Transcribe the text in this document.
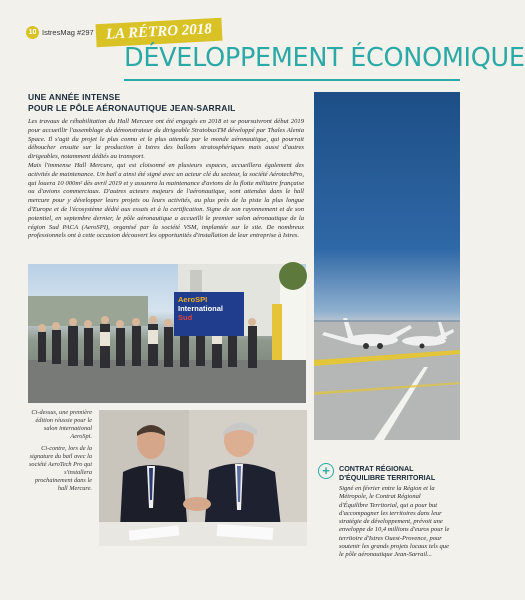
10 IstresMag #297 LA RÉTRO 2018
DÉVELOPPEMENT ÉCONOMIQUE
UNE ANNÉE INTENSE
POUR LE PÔLE AÉRONAUTIQUE JEAN-SARRAIL

Les travaux de réhabilitation du Hall Mercure ont été engagés en 2018 et se poursuivront début 2019 pour accueillir l'assemblage du démonstrateur du dirigeable StratobusTM développé par Thales Alenia Space. Il s'agit du projet le plus connu et le plus attendu par le monde aéronautique, qui pourrait déboucher ensuite sur la production à Istres des ballons stratosphériques mais aussi d'autres dirigeables, notamment dédiés au transport.

Mais l'immense Hall Mercure, qui est cloisonné en plusieurs espaces, accueillera également des activités de maintenance. Un bail a ainsi été signé avec un acteur clé du secteur, la société AérotechPro, qui louera 10 000m² dès avril 2019 et y assurera la maintenance d'avions de la flotte militaire française ou d'avions commerciaux. D'autres acteurs majeurs de l'aéronautique, sont attendus dans le hall mercure pour y développer leurs projets ou leurs activités, au plus près de la piste la plus longue d'Europe et de l'écosystème dédié aux essais et à la certification. Signe de son rayonnement et de son potentiel, en septembre dernier, le pôle aéronautique a accueilli le premier salon aéronautique de la région Sud PACA (AeroSPI), organisé par la société VSM, implantée sur le site. De nombreux professionnels ont à cette occasion découvert les opportunités d'installation de leur entreprise à Istres.

AeroSPI
International
Sud
Ci-dessus, une première édition réussie pour le salon international AeroSpi.
Ci-contre, lors de la signature du bail avec la société AeroTech Pro qui s'installera prochainement dans le hall Mercure.
+	CONTRAT RÉGIONAL
D'ÉQUILIBRE TERRITORIAL
Signé en février entre la Région et la Métropole, le Contrat Régional d'Équilibre Territorial, qui a pour but d'accompagner les territoires dans leur stratégie de développement, prévoit une enveloppe de 10,4 millions d'euros pour le territoire d'Istres Ouest-Provence, pour soutenir les grands projets locaux tels que le pôle aéronautique Jean-Sarrail...
